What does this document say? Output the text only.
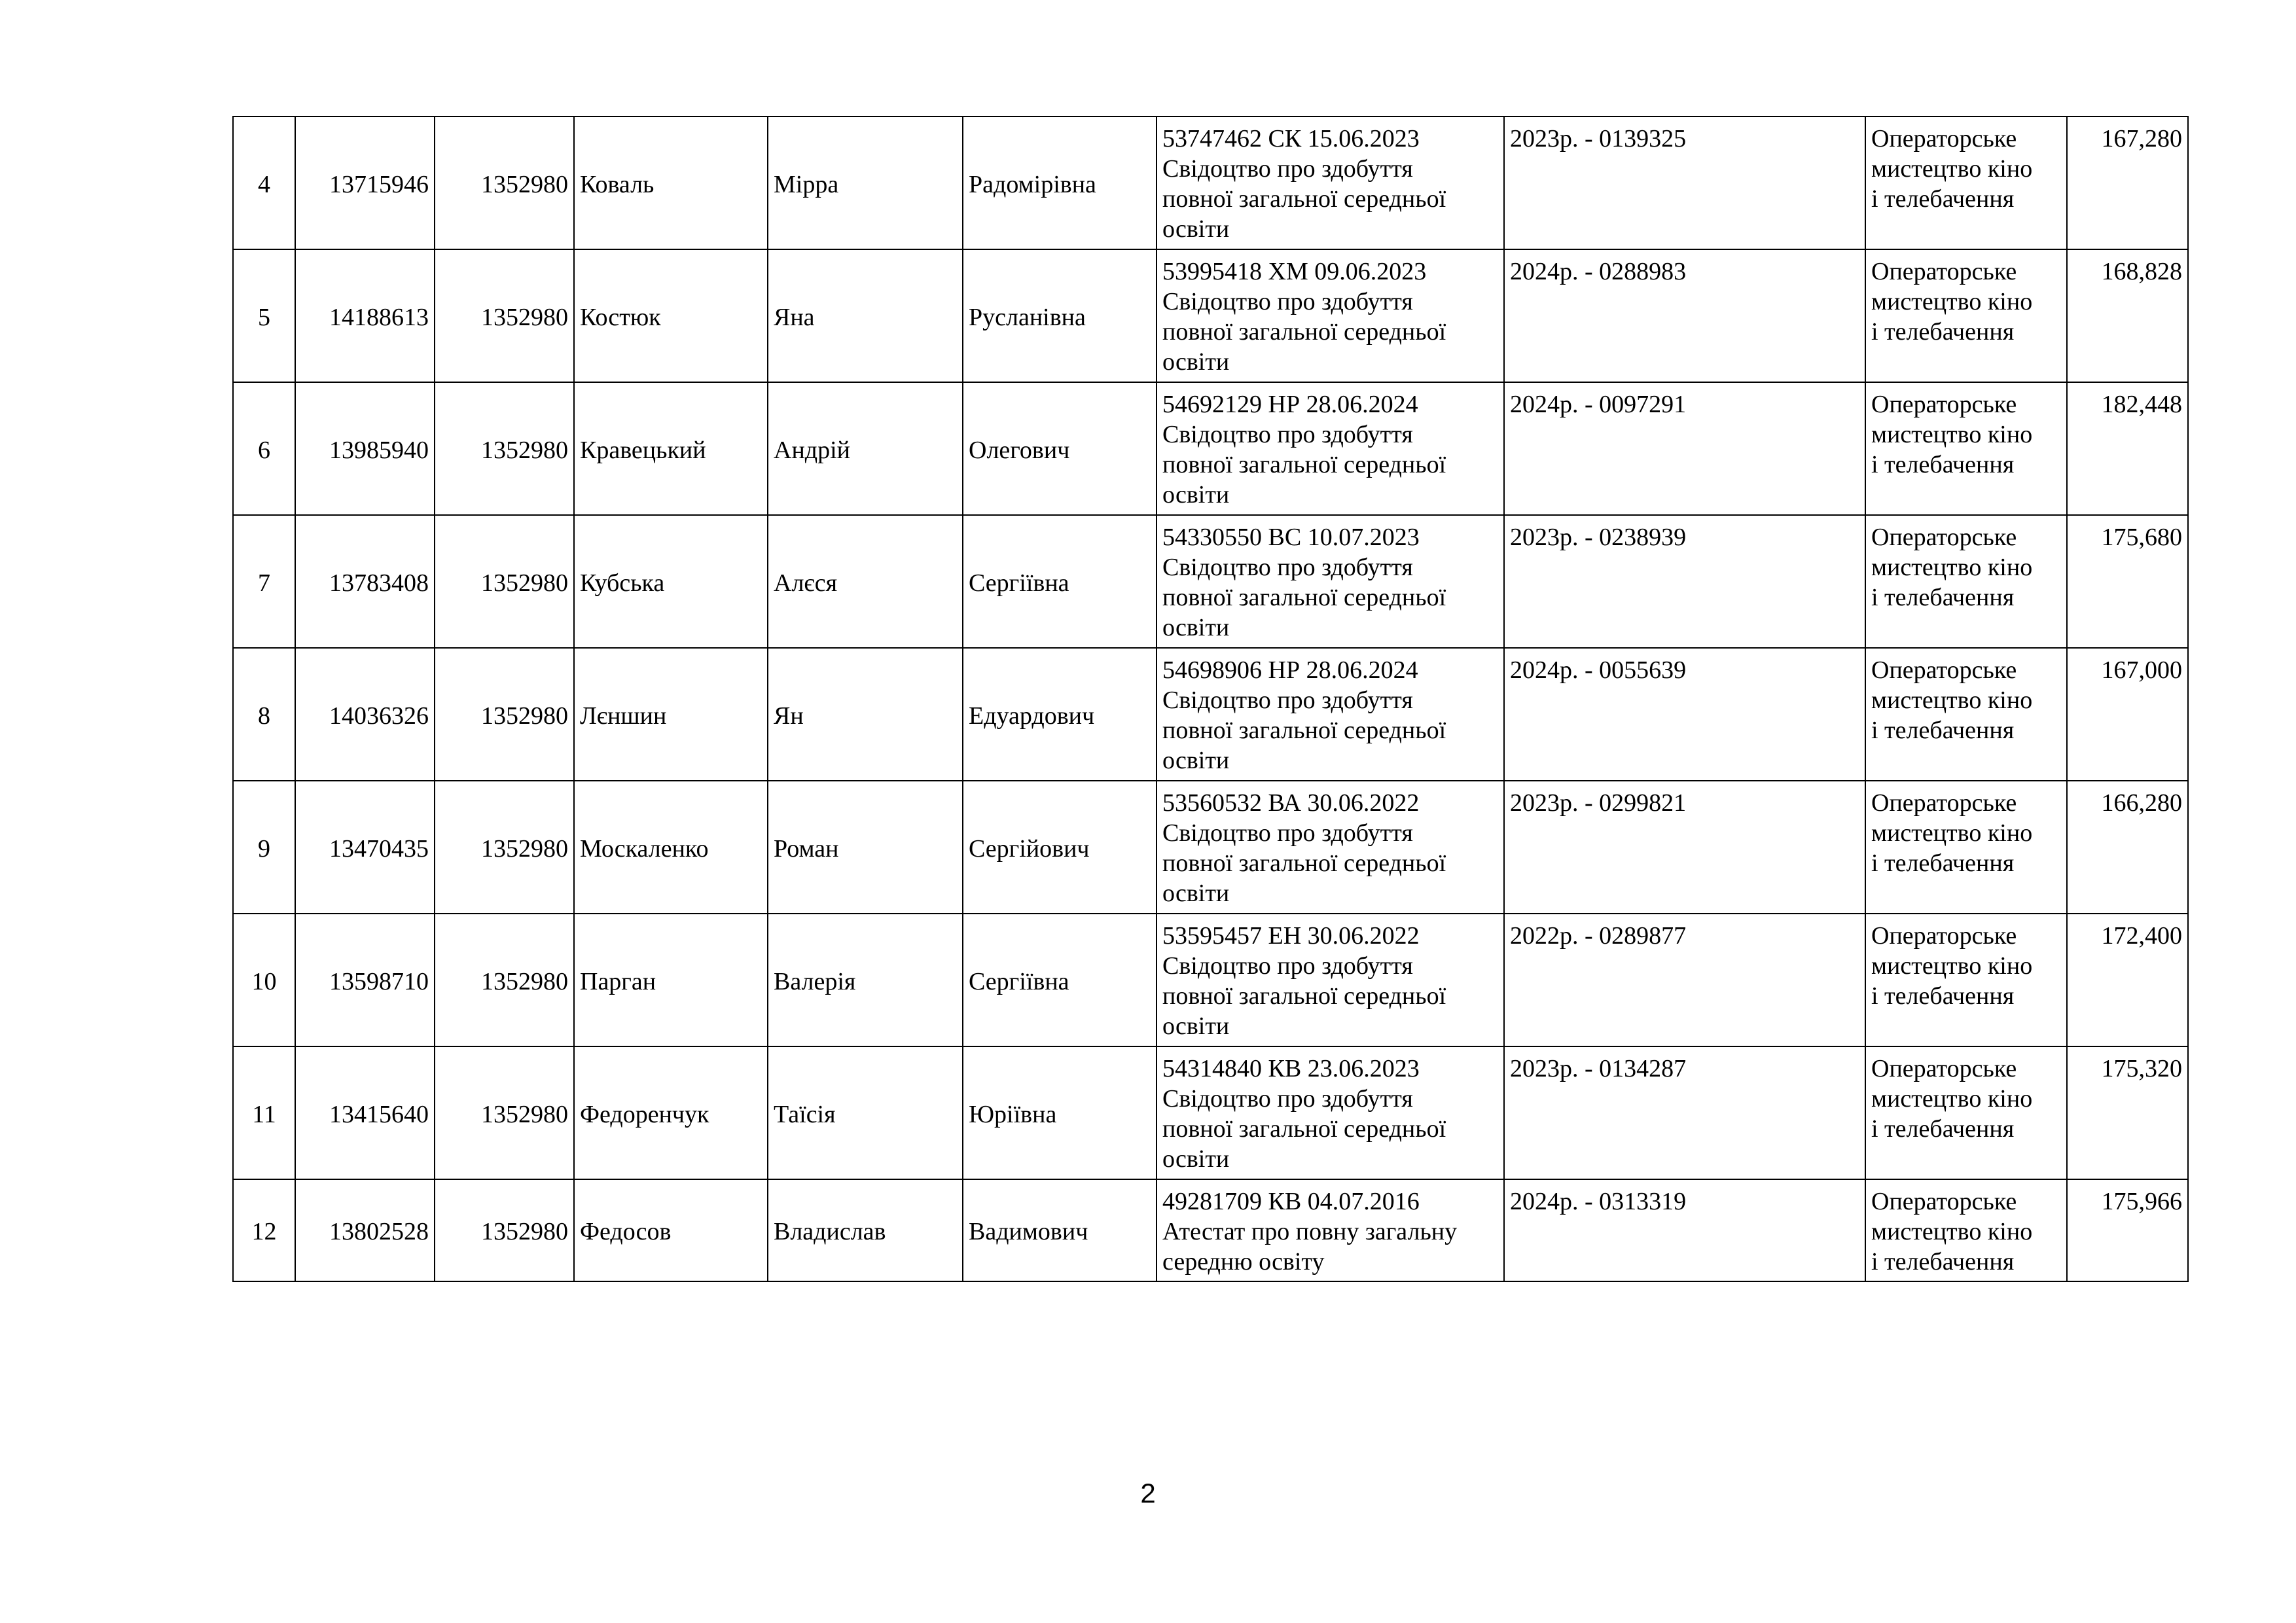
4	13715946	1352980	Коваль	Мірра	Радомірівна	53747462 СК 15.06.2023
Свідоцтво про здобуття
повної загальної середньої
освіти	2023р. - 0139325	Операторське
мистецтво кіно
і телебачення	167,280
5	14188613	1352980	Костюк	Яна	Русланівна	53995418 ХМ 09.06.2023
Свідоцтво про здобуття
повної загальної середньої
освіти	2024р. - 0288983	Операторське
мистецтво кіно
і телебачення	168,828
6	13985940	1352980	Кравецький	Андрій	Олегович	54692129 НР 28.06.2024
Свідоцтво про здобуття
повної загальної середньої
освіти	2024р. - 0097291	Операторське
мистецтво кіно
і телебачення	182,448
7	13783408	1352980	Кубська	Алєся	Сергіївна	54330550 ВС 10.07.2023
Свідоцтво про здобуття
повної загальної середньої
освіти	2023р. - 0238939	Операторське
мистецтво кіно
і телебачення	175,680
8	14036326	1352980	Лєншин	Ян	Едуардович	54698906 НР 28.06.2024
Свідоцтво про здобуття
повної загальної середньої
освіти	2024р. - 0055639	Операторське
мистецтво кіно
і телебачення	167,000
9	13470435	1352980	Москаленко	Роман	Сергійович	53560532 ВА 30.06.2022
Свідоцтво про здобуття
повної загальної середньої
освіти	2023р. - 0299821	Операторське
мистецтво кіно
і телебачення	166,280
10	13598710	1352980	Парган	Валерія	Сергіївна	53595457 ЕН 30.06.2022
Свідоцтво про здобуття
повної загальної середньої
освіти	2022р. - 0289877	Операторське
мистецтво кіно
і телебачення	172,400
11	13415640	1352980	Федоренчук	Таїсія	Юріївна	54314840 КВ 23.06.2023
Свідоцтво про здобуття
повної загальної середньої
освіти	2023р. - 0134287	Операторське
мистецтво кіно
і телебачення	175,320
12	13802528	1352980	Федосов	Владислав	Вадимович	49281709 КВ 04.07.2016
Атестат про повну загальну
середню освіту	2024р. - 0313319	Операторське
мистецтво кіно
і телебачення	175,966
2
